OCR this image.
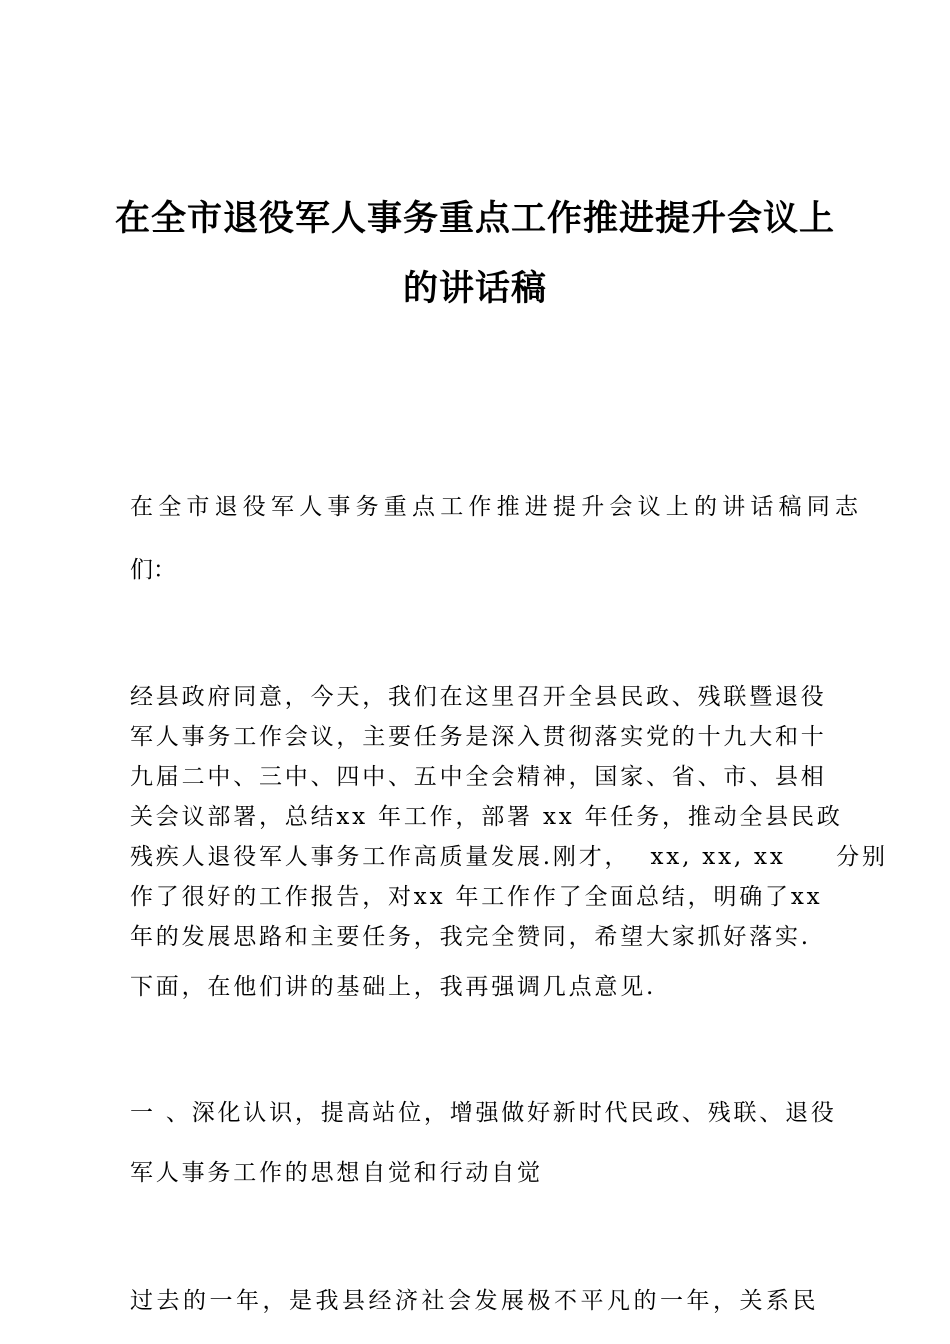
在全市退役军人事务重点工作推进提升会议上
的讲话稿
在全市退役军人事务重点工作推进提升会议上的讲话稿同志
们：
经县政府同意，今天，我们在这里召开全县民政、残联暨退役
军人事务工作会议，主要任务是深入贯彻落实党的十九大和十
九届二中、三中、四中、五中全会精神，国家、省、市、县相
关会议部署，总结xx 年工作，部署 xx 年任务，推动全县民政
残疾人退役军人事务工作高质量发展.刚才，  xx, xx, xx     分别
作了很好的工作报告，对xx 年工作作了全面总结，明确了xx
年的发展思路和主要任务，我完全赞同，希望大家抓好落实.
下面，在他们讲的基础上，我再强调几点意见.
一 、深化认识，提高站位，增强做好新时代民政、残联、退役
军人事务工作的思想自觉和行动自觉
过去的一年，是我县经济社会发展极不平凡的一年，关系民
